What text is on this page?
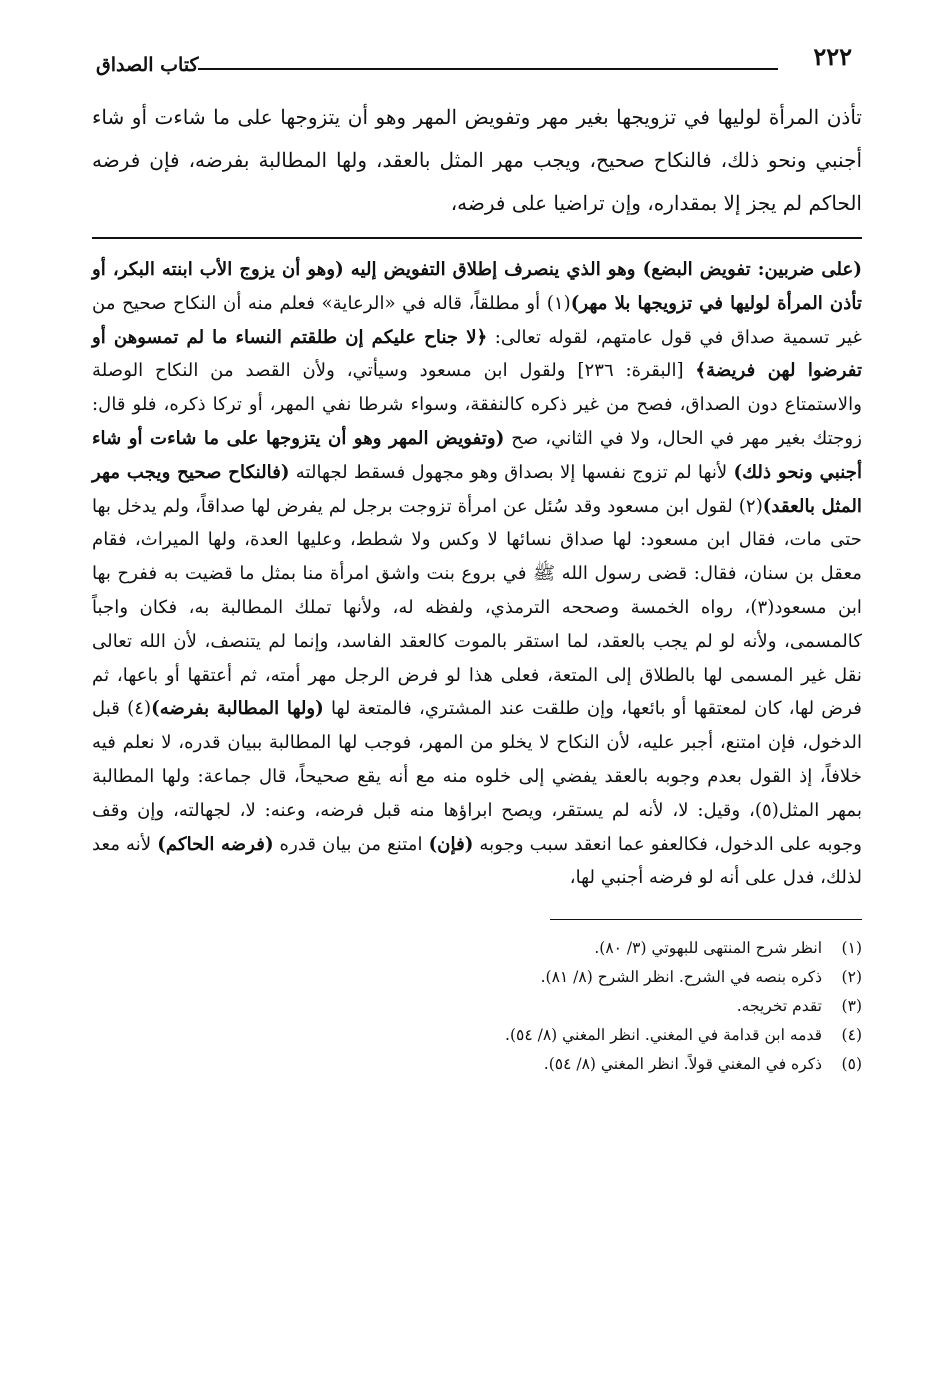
٢٢٢
كتاب الصداق

تأذن المرأة لوليها في تزويجها بغير مهر وتفويض المهر وهو أن يتزوجها على ما شاءت أو شاء أجنبي ونحو ذلك، فالنكاح صحيح، ويجب مهر المثل بالعقد، ولها المطالبة بفرضه، فإن فرضه الحاكم لم يجز إلا بمقداره، وإن تراضيا على فرضه،

(على ضربين: تفويض البضع) وهو الذي ينصرف إطلاق التفويض إليه (وهو أن يزوج الأب ابنته البكر، أو تأذن المرأة لوليها في تزويجها بلا مهر)(١) أو مطلقاً، قاله في «الرعاية» فعلم منه أن النكاح صحيح من غير تسمية صداق في قول عامتهم، لقوله تعالى: ﴿لا جناح عليكم إن طلقتم النساء ما لم تمسوهن أو تفرضوا لهن فريضة﴾ [البقرة: ٢٣٦] ولقول ابن مسعود وسيأتي، ولأن القصد من النكاح الوصلة والاستمتاع دون الصداق، فصح من غير ذكره كالنفقة، وسواء شرطا نفي المهر، أو تركا ذكره، فلو قال: زوجتك بغير مهر في الحال، ولا في الثاني، صح (وتفويض المهر وهو أن يتزوجها على ما شاءت أو شاء أجنبي ونحو ذلك) لأنها لم تزوج نفسها إلا بصداق وهو مجهول فسقط لجهالته (فالنكاح صحيح ويجب مهر المثل بالعقد)(٢) لقول ابن مسعود وقد سُئل عن امرأة تزوجت برجل لم يفرض لها صداقاً، ولم يدخل بها حتى مات، فقال ابن مسعود: لها صداق نسائها لا وكس ولا شطط، وعليها العدة، ولها الميراث، فقام معقل بن سنان، فقال: قضى رسول الله ﷺ في بروع بنت واشق امرأة منا بمثل ما قضيت به ففرح بها ابن مسعود(٣)، رواه الخمسة وصححه الترمذي، ولفظه له، ولأنها تملك المطالبة به، فكان واجباً كالمسمى، ولأنه لو لم يجب بالعقد، لما استقر بالموت كالعقد الفاسد، وإنما لم يتنصف، لأن الله تعالى نقل غير المسمى لها بالطلاق إلى المتعة، فعلى هذا لو فرض الرجل مهر أمته، ثم أعتقها أو باعها، ثم فرض لها، كان لمعتقها أو بائعها، وإن طلقت عند المشتري، فالمتعة لها (ولها المطالبة بفرضه)(٤) قبل الدخول، فإن امتنع، أجبر عليه، لأن النكاح لا يخلو من المهر، فوجب لها المطالبة ببيان قدره، لا نعلم فيه خلافاً، إذ القول بعدم وجوبه بالعقد يفضي إلى خلوه منه مع أنه يقع صحيحاً، قال جماعة: ولها المطالبة بمهر المثل(٥)، وقيل: لا، لأنه لم يستقر، ويصح ابراؤها منه قبل فرضه، وعنه: لا، لجهالته، وإن وقف وجوبه على الدخول، فكالعفو عما انعقد سبب وجوبه (فإن) امتنع من بيان قدره (فرضه الحاكم) لأنه معد لذلك، فدل على أنه لو فرضه أجنبي لها،

(١)انظر شرح المنتهى للبهوتي (٣/ ٨٠).

(٢)ذكره بنصه في الشرح. انظر الشرح (٨/ ٨١).

(٣)تقدم تخريجه.

(٤)قدمه ابن قدامة في المغني. انظر المغني (٨/ ٥٤).

(٥)ذكره في المغني قولاً. انظر المغني (٨/ ٥٤).
